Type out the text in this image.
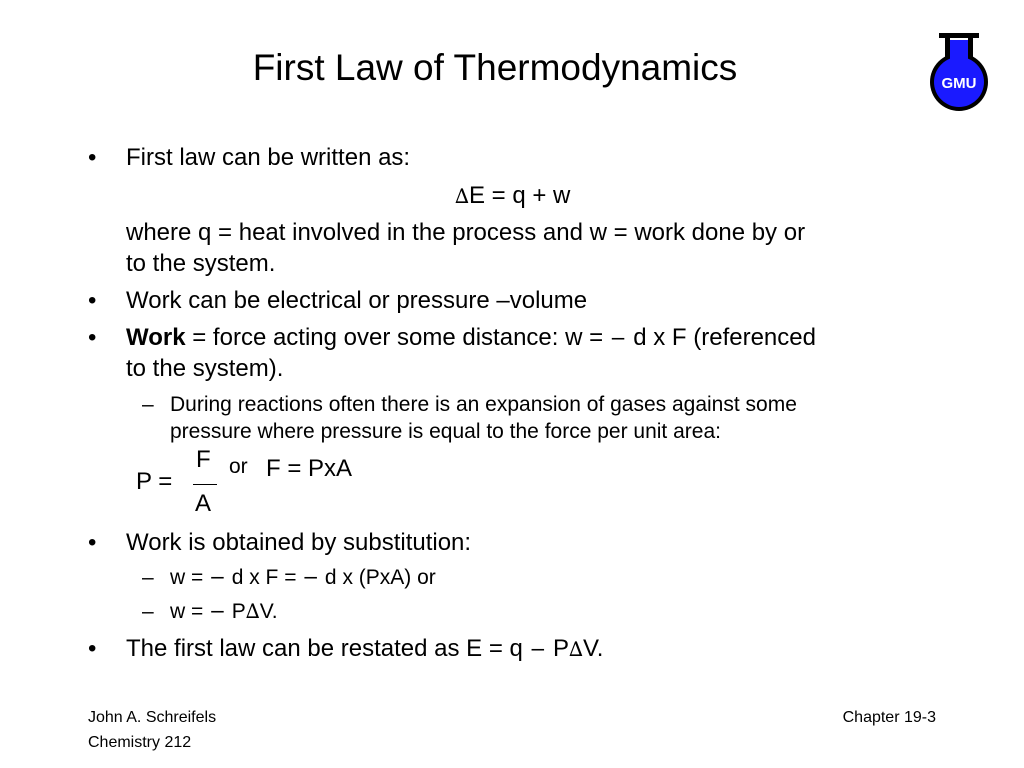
First Law of Thermodynamics	GMU
• First law can be written as:
∆E = q + w
where q = heat involved in the process and w = work done by or
to the system.
• Work can be electrical or pressure –volume
• Work = force acting over some distance: w = − d x F (referenced
to the system).
– During reactions often there is an expansion of gases against some
pressure where pressure is equal to the force per unit area:
P =
F
A
or F = PxA
• Work is obtained by substitution:
– w = − d x F = − d x (PxA) or
– w = − P∆V.
• The first law can be restated as E = q − P∆V.
John A. Schreifels
Chemistry 212
Chapter 19-3
